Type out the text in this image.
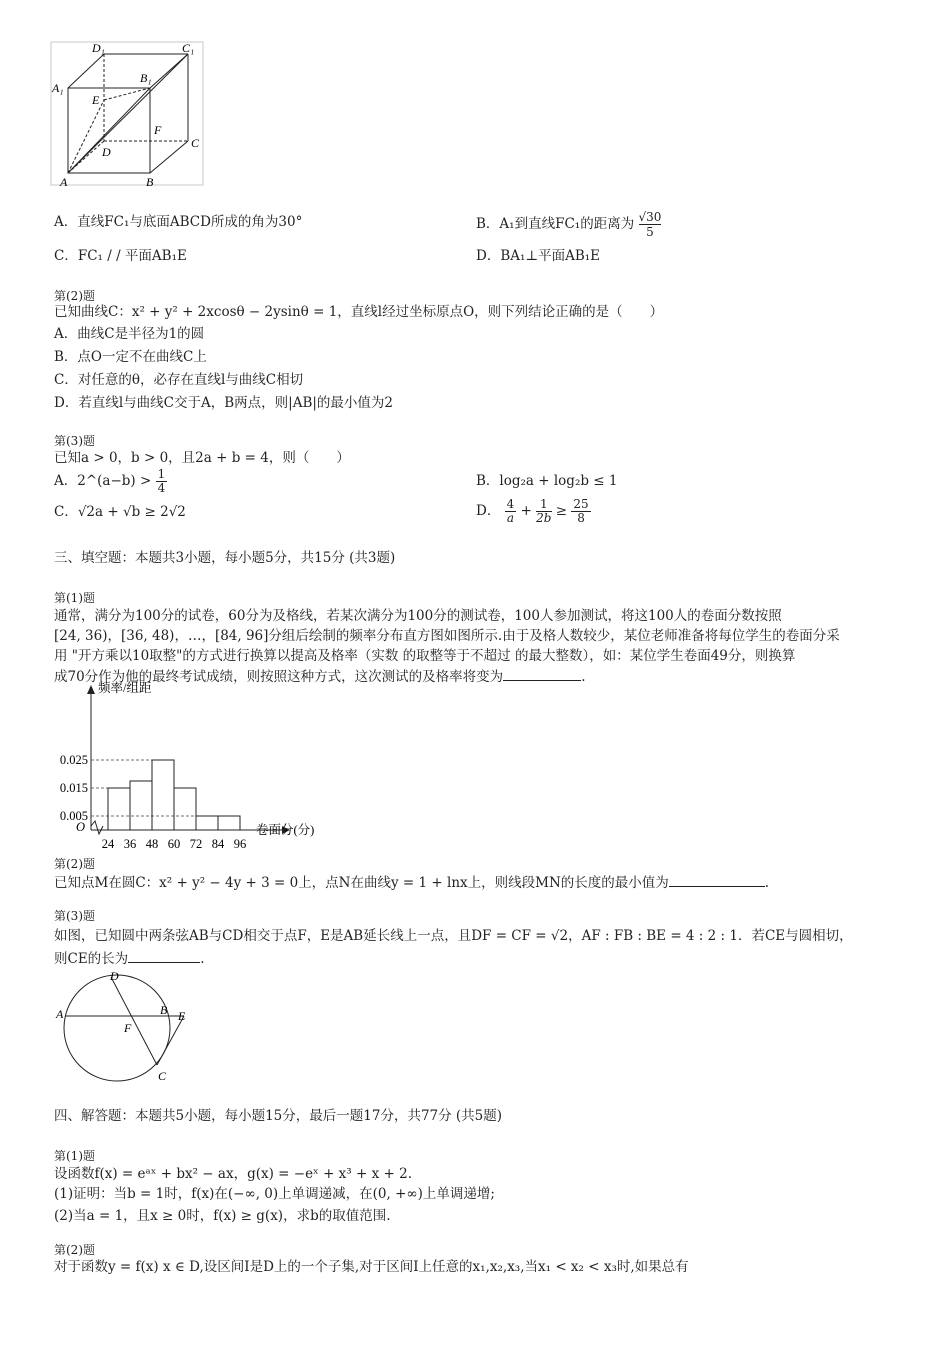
D₁	C₁
A₁
B₁
E
F
D
C
A	B
A．直线FC₁与底面ABCD所成的角为30°	B．A₁到直线FC₁的距离为 $\frac{√30}{5}$
C．FC₁ / / 平面AB₁E	D．BA₁⊥平面AB₁E
第(2)题
已知曲线C：x² + y² + 2xcosθ − 2ysinθ = 1，直线l经过坐标原点O，则下列结论正确的是（　　）
A．曲线C是半径为1的圆
B．点O一定不在曲线C上
C．对任意的θ，必存在直线l与曲线C相切
D．若直线l与曲线C交于A，B两点，则|AB|的最小值为2
第(3)题
已知a > 0，b > 0，且2a + b = 4，则（　　）
A．2^(a−b) > $\frac{1}{4}$	B．log₂a + log₂b ≤ 1
C．√2a + √b ≥ 2√2	D． $\frac{4}{a} + \frac{1}{2b} \ge \frac{25}{8}$
三、填空题：本题共3小题，每小题5分，共15分 (共3题)
第(1)题
通常，满分为100分的试卷，60分为及格线，若某次满分为100分的测试卷，100人参加测试，将这100人的卷面分数按照
[24, 36)，[36, 48)，…，[84, 96]分组后绘制的频率分布直方图如图所示.由于及格人数较少，某位老师准备将每位学生的卷面分采
用 "开方乘以10取整"的方式进行换算以提高及格率（实数 的取整等于不超过 的最大整数），如：某位学生卷面49分，则换算
成70分作为他的最终考试成绩，则按照这种方式，这次测试的及格率将变为	.
0.005
0.015
0.025
24 36 48 60 72 84 96
频率/组距
卷面分(分)
O
第(2)题
已知点M在圆C：x² + y² − 4y + 3 = 0上，点N在曲线y = 1 + lnx上，则线段MN的长度的最小值为	.
第(3)题
如图，已知圆中两条弦AB与CD相交于点F，E是AB延长线上一点，且DF = CF = √2，AF : FB : BE = 4 : 2 : 1．若CE与圆相切，
则CE的长为	.
A
D
B E
F
C
四、解答题：本题共5小题，每小题15分，最后一题17分，共77分 (共5题)
第(1)题
设函数f(x) = eᵃˣ + bx² − ax，g(x) = −eˣ + x³ + x + 2.
(1)证明：当b = 1时，f(x)在(−∞, 0)上单调递减，在(0, +∞)上单调递增;
(2)当a = 1，且x ≥ 0时，f(x) ≥ g(x)，求b的取值范围.
第(2)题
对于函数y = f(x) x ∈ D,设区间I是D上的一个子集,对于区间I上任意的x₁,x₂,x₃,当x₁ < x₂ < x₃时,如果总有
